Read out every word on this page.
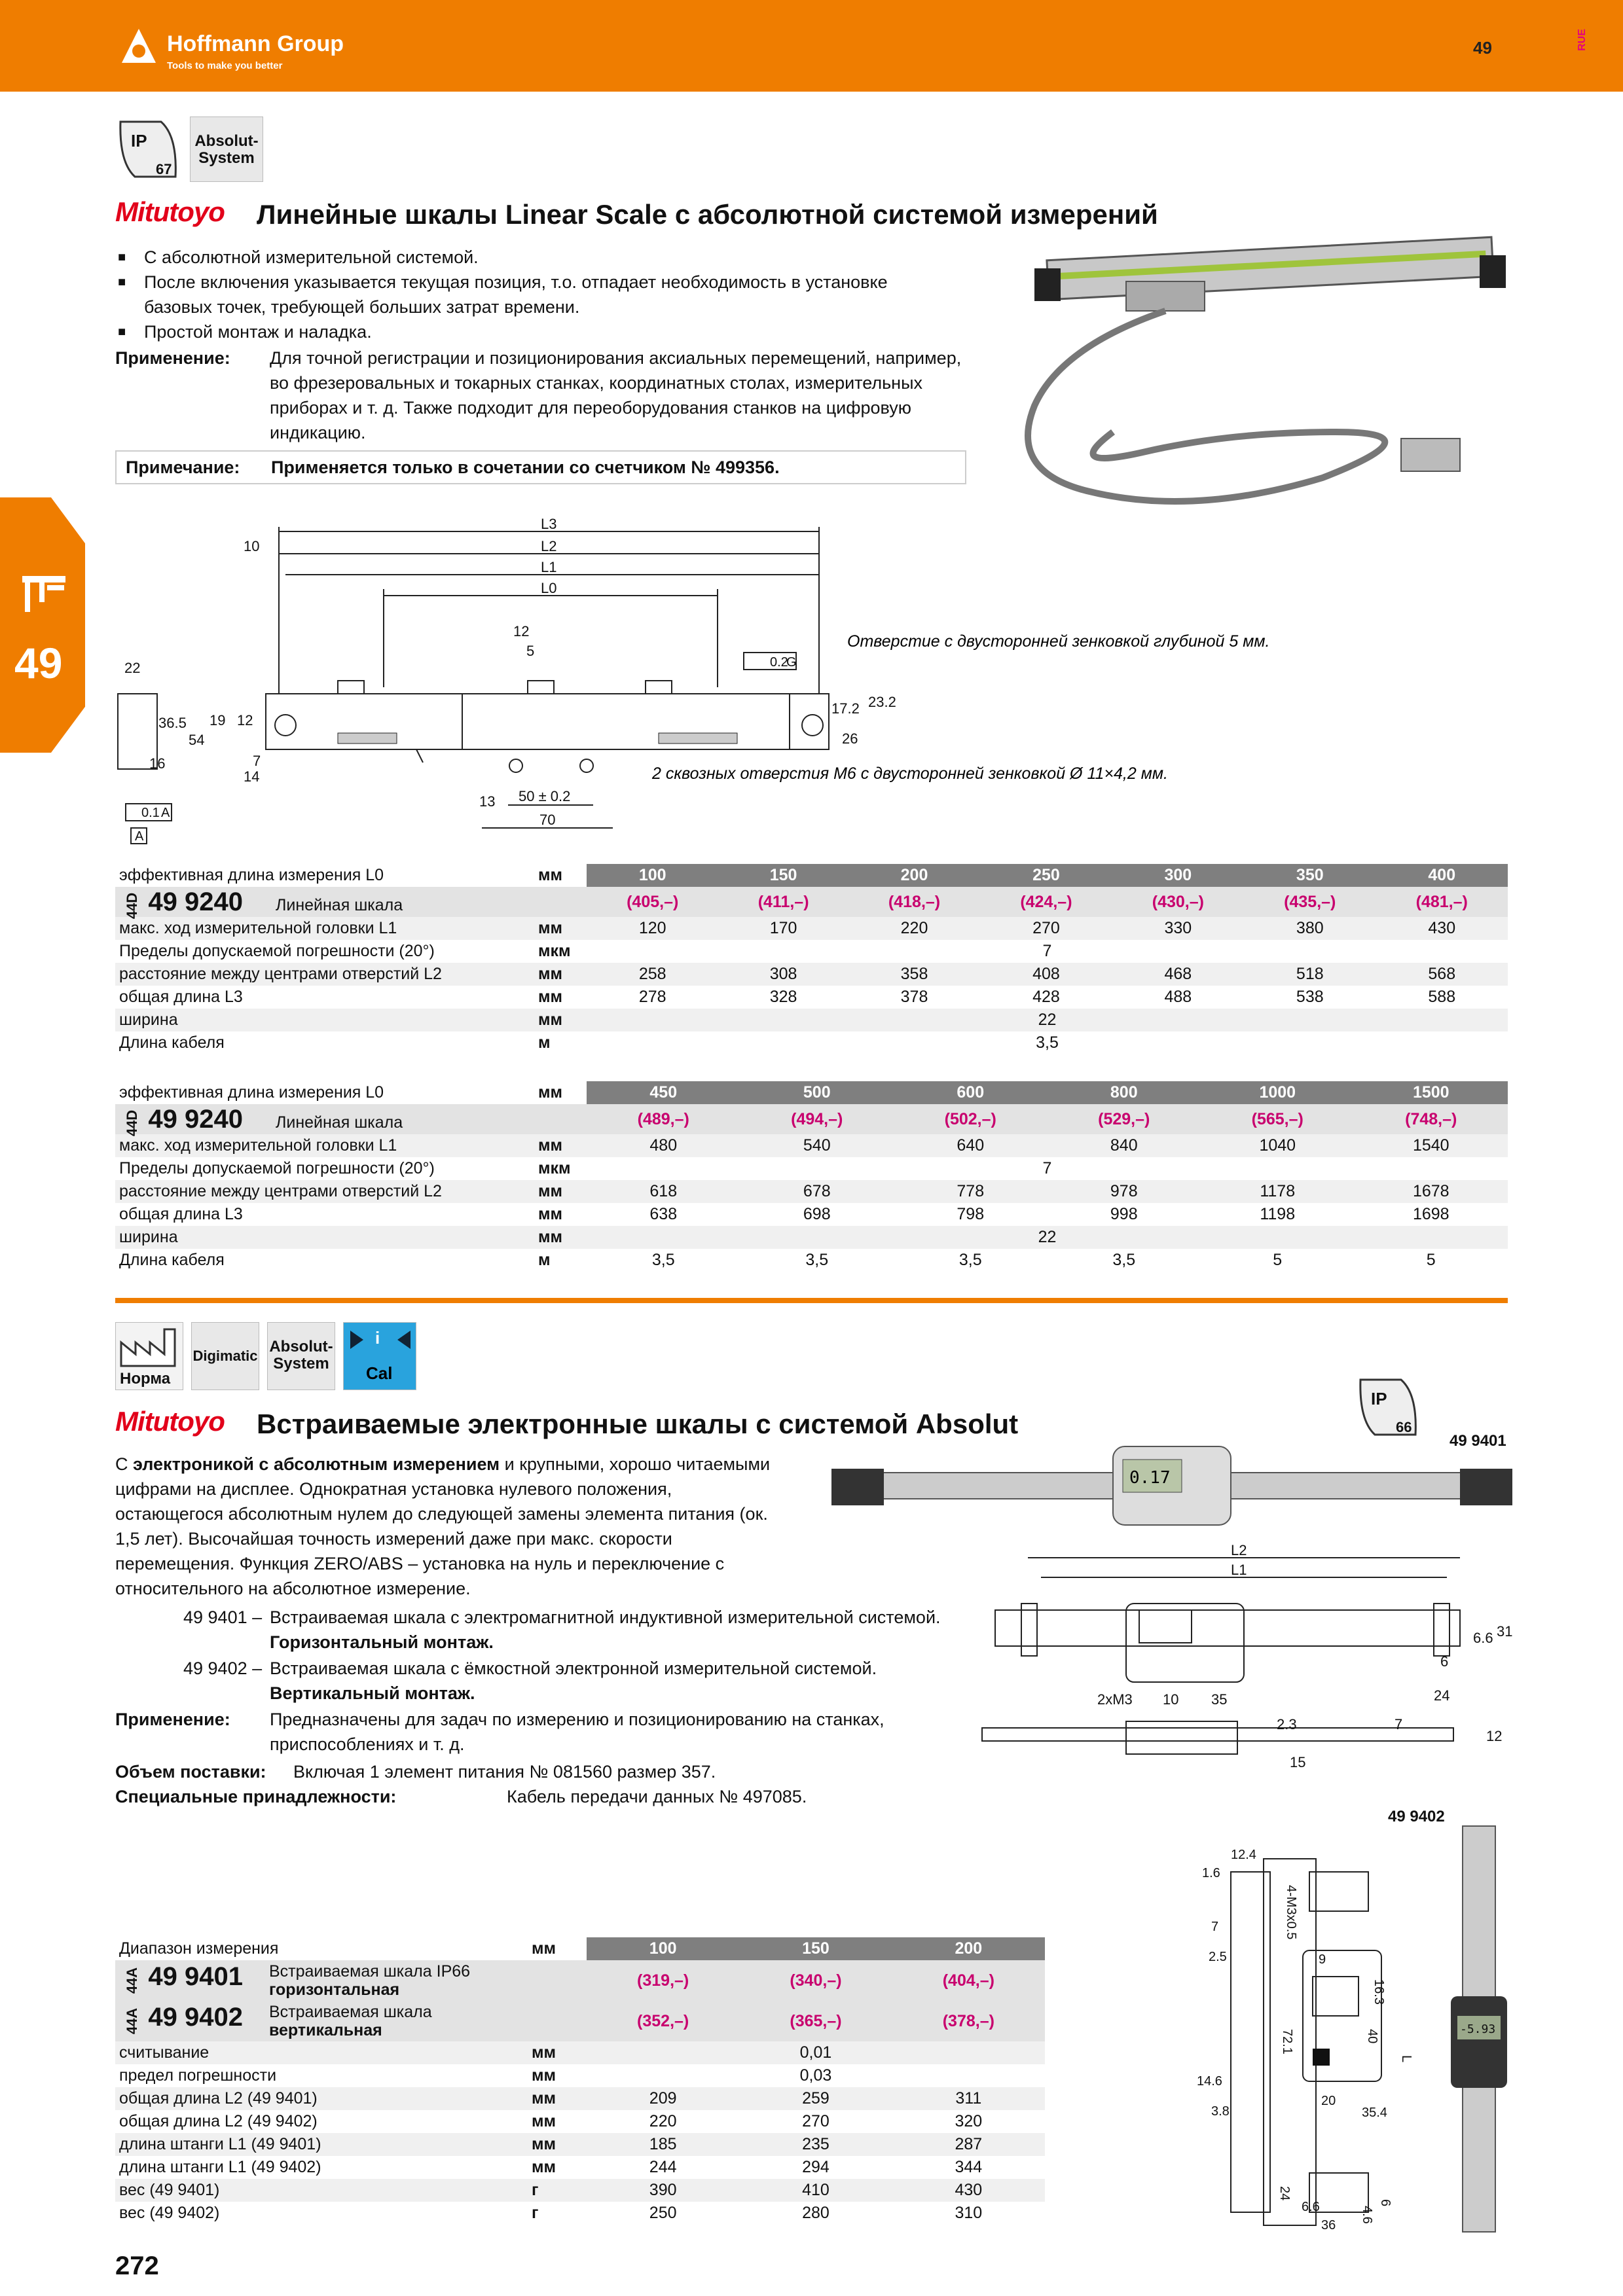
Hoffmann Group
Tools to make you better
49	RUE
49
IP
67
Absolut-
System
Mitutoyo Линейные шкалы Linear Scale с абсолютной системой измерений
■ С абсолютной измерительной системой.
■ После включения указывается текущая позиция, т.о. отпадает необходимость в установке базовых точек, требующей больших затрат времени.
■ Простой монтаж и наладка.
Применение: Для точной регистрации и позиционирования аксиальных перемещений, например, во фрезеровальных и токарных станках, координатных столах, измерительных приборах и т. д. Также подходит для переоборудования станков на цифровую индикацию.
Примечание: Применяется только в сочетании со счетчиком № 499356.
L3
L2
L1
L0
10
12
5
22
36.5
54
19 12
16	7
14
13 50 ± 0.2
70
17.2 23.2
26
0.2
G
0.1 A
A
Отверстие с двусторонней зенковкой глубиной 5 мм.
2 сквозных отверстия М6 с двусторонней зенковкой Ø 11×4,2 мм.
эффективная длина измерения L0	мм	100	150	200	250	300	350	400
44D 49 9240 Линейная шкала		(405,–)	(411,–)	(418,–)	(424,–)	(430,–)	(435,–)	(481,–)
макс. ход измерительной головки L1	мм	120	170	220	270	330	380	430
Пределы допускаемой погрешности (20°)	мкм	7						
расстояние между центрами отверстий L2	мм	258	308	358	408	468	518	568
общая длина L3	мм	278	328	378	428	488	538	588
ширина	мм	22						
Длина кабеля	м	3,5						
эффективная длина измерения L0	мм	450	500	600	800	1000	1500
44D 49 9240 Линейная шкала		(489,–)	(494,–)	(502,–)	(529,–)	(565,–)	(748,–)
макс. ход измерительной головки L1	мм	480	540	640	840	1040	1540
Пределы допускаемой погрешности (20°)	мкм	7					
расстояние между центрами отверстий L2	мм	618	678	778	978	1178	1678
общая длина L3	мм	638	698	798	998	1198	1698
ширина	мм	22					
Длина кабеля	м	3,5	3,5	3,5	3,5	5	5
Норма
Digimatic
Absolut-
System
i
Cal
Mitutoyo Встраиваемые электронные шкалы с системой Absolut
IP
66
49 9401
С электроникой с абсолютным измерением и крупными, хорошо читаемыми цифрами на дисплее. Однократная установка нулевого положения, остающегося абсолютным нулем до следующей замены элемента питания (ок. 1,5 лет). Высочайшая точность измерений даже при макс. скорости перемещения. Функция ZERO/ABS – установка на нуль и переключение с относительного на абсолютное измерение.
49 9401 – Встраиваемая шкала с электромагнитной индуктивной измерительной системой.
Горизонтальный монтаж.
49 9402 – Встраиваемая шкала с ёмкостной электронной измерительной системой.
Вертикальный монтаж.
Применение: Предназначены для задач по измерению и позиционированию на станках, приспособлениях и т. д.
Объем поставки: Включая 1 элемент питания № 081560 размер 357.
Специальные принадлежности:	Кабель передачи данных № 497085.
0.17
L2
L1
6.6 31
6
24
2xM3 10 35
2.3	7
12
15
49 9402
12.4
1.6
7
2.5
4-M3x0.5
9
16.3
40
72.1
L
14.6
3.8
20
35.4
24
6.6
36
4.6
6
-5.93
Диапазон измерения	мм	100	150	200
44A 49 9401 Встраиваемая шкала IP66
горизонтальная		(319,–)	(340,–)	(404,–)
44A 49 9402 Встраиваемая шкала
вертикальная		(352,–)	(365,–)	(378,–)
считывание	мм	0,01		
предел погрешности	мм	0,03		
общая длина L2 (49 9401)	мм	209	259	311
общая длина L2 (49 9402)	мм	220	270	320
длина штанги L1 (49 9401)	мм	185	235	287
длина штанги L1 (49 9402)	мм	244	294	344
вес (49 9401)	г	390	410	430
вес (49 9402)	г	250	280	310
272
